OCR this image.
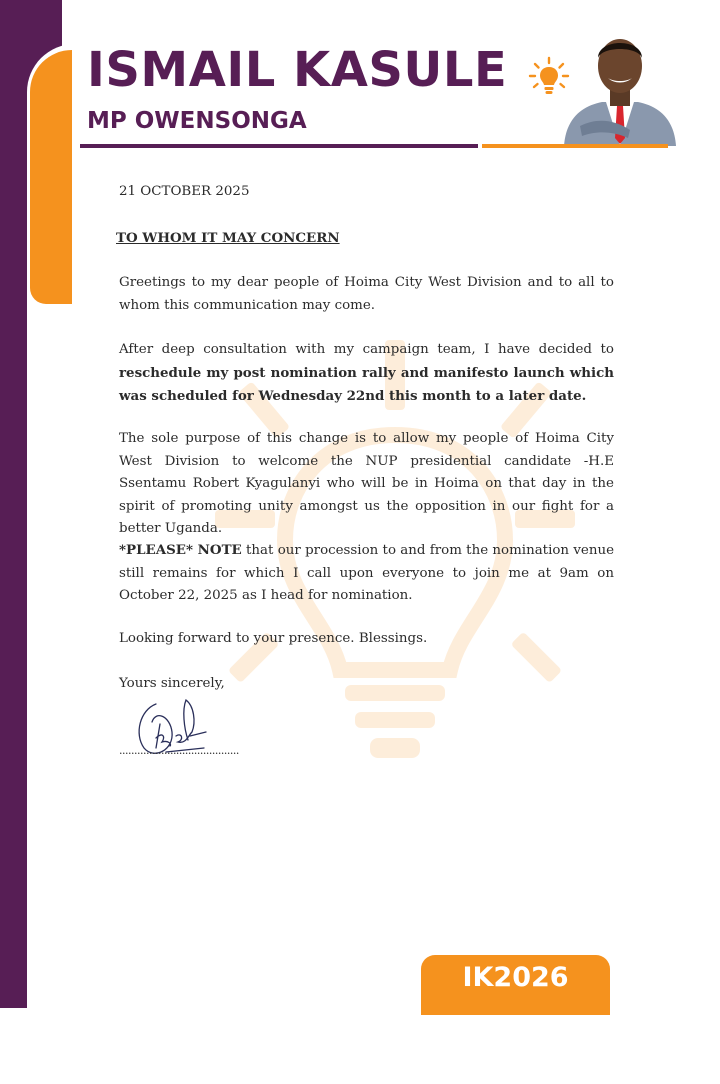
ISMAIL KASULE
MP OWENSONGA

21 OCTOBER 2025

TO WHOM IT MAY CONCERN

Greetings to my dear people of Hoima City West Division and to all to whom this communication may come.

After deep consultation with my campaign team, I have decided to reschedule my post nomination rally and manifesto launch which was scheduled for Wednesday 22nd this month to a later date.

The sole purpose of this change is to allow my people of Hoima City West Division to welcome the NUP presidential candidate -H.E Ssentamu Robert Kyagulanyi who will be in Hoima on that day in the spirit of promoting unity amongst us the opposition in our fight for a better Uganda.

*PLEASE* NOTE that our procession to and from the nomination venue still remains for which I call upon everyone to join me at 9am on October 22, 2025 as I head for nomination.

Looking forward to your presence. Blessings.

Yours sincerely,

........................................

IK2026
